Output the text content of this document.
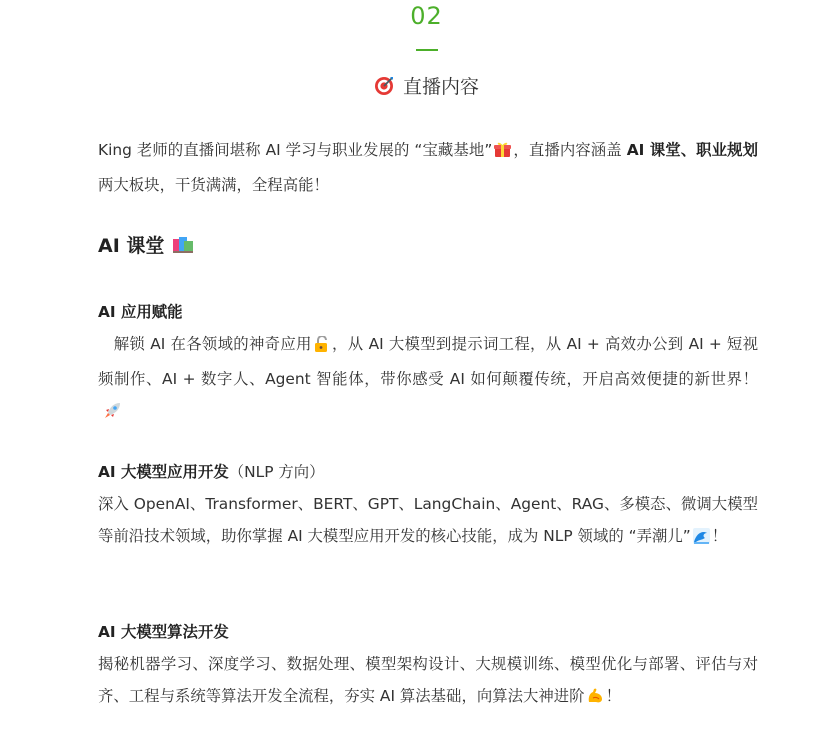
02
直播内容
King 老师的直播间堪称 AI 学习与职业发展的 “宝藏基地” ，直播内容涵盖 AI 课堂、职业规划 两大板块，干货满满，全程高能！
AI 课堂
AI 应用赋能
　解锁 AI 在各领域的神奇应用 ，从 AI 大模型到提示词工程，从 AI + 高效办公到 AI + 短视频制作、AI + 数字人、Agent 智能体，带你感受 AI 如何颠覆传统，开启高效便捷的新世界！
AI 大模型应用开发（NLP 方向）
深入 OpenAI、Transformer、BERT、GPT、LangChain、Agent、RAG、多模态、微调大模型等前沿技术领域，助你掌握 AI 大模型应用开发的核心技能，成为 NLP 领域的 “弄潮儿” ！
AI 大模型算法开发
揭秘机器学习、深度学习、数据处理、模型架构设计、大规模训练、模型优化与部署、评估与对齐、工程与系统等算法开发全流程，夯实 AI 算法基础，向算法大神进阶 ！
